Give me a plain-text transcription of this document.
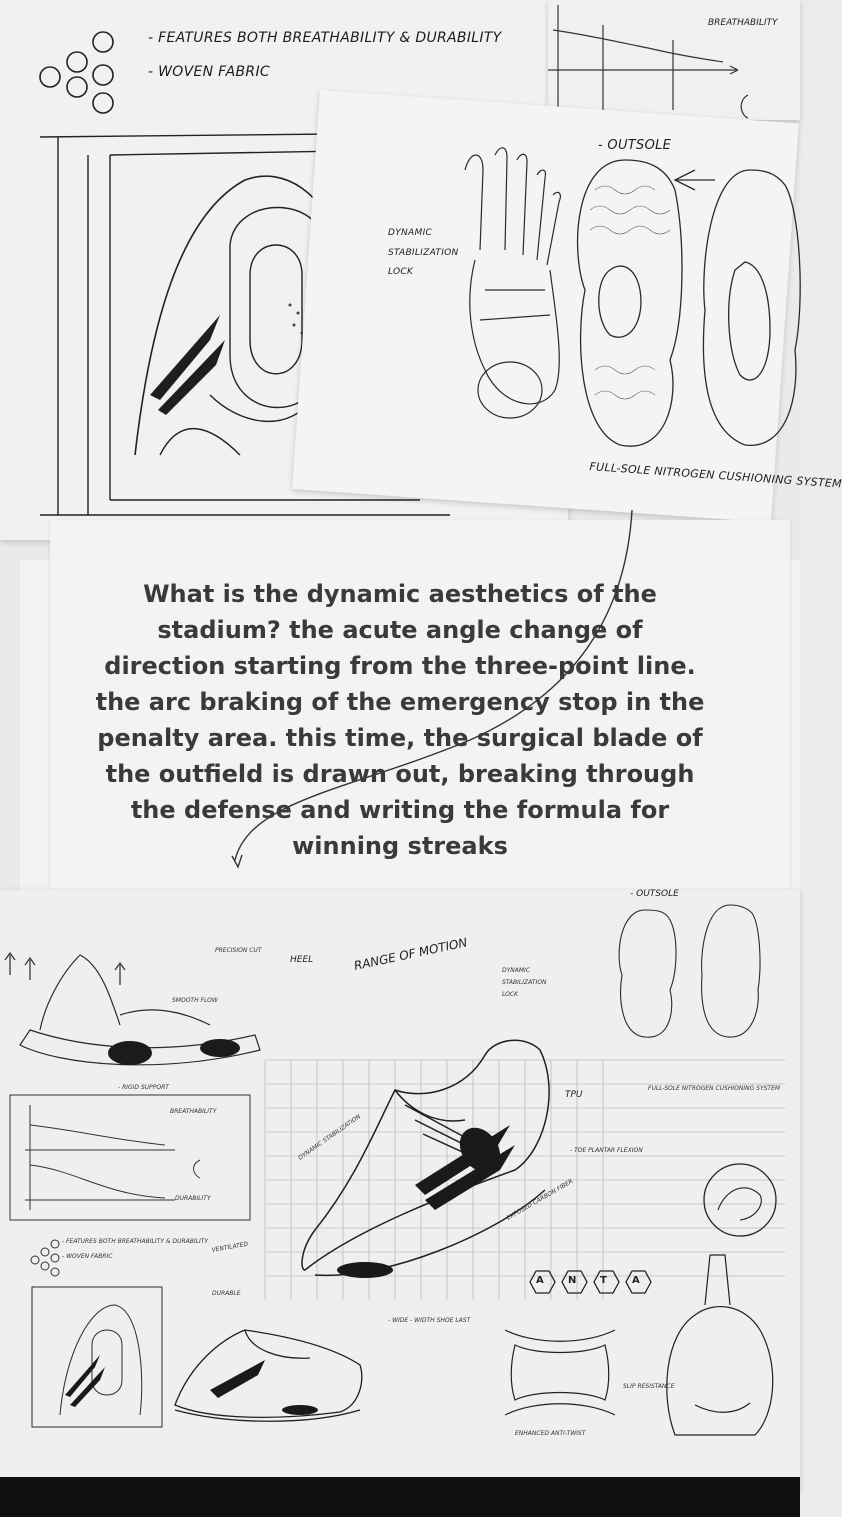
- FEATURES BOTH BREATHABILITY & DURABILITY
- WOVEN FABRIC
BREATHABILITY
- OUTSOLE
DYNAMIC
STABILIZATION
LOCK
FULL-SOLE NITROGEN CUSHIONING SYSTEM
What is the dynamic aesthetics of the
stadium? the acute angle change of
direction starting from the three-point line.
the arc braking of the emergency stop in the
penalty area. this time, the surgical blade of
the outfield is drawn out, breaking through
the defense and writing the formula for
winning streaks
PRECISION CUT
HEEL	RANGE OF MOTION
SMOOTH FLOW
- OUTSOLE
DYNAMIC
STABILIZATION
LOCK
- RIGID SUPPORT
BREATHABILITY
DURABILITY
TPU
FULL-SOLE NITROGEN CUSHIONING SYSTEM
DYNAMIC STABILIZATION	- TOE PLANTAR FLEXION
EXPOSED CARBON FIBER
- FEATURES BOTH BREATHABILITY & DURABILITY
- WOVEN FABRIC
VENTILATED
DURABLE
- WIDE - WIDTH SHOE LAST
SLIP RESISTANCE
ENHANCED ANTI-TWIST
A N T A
